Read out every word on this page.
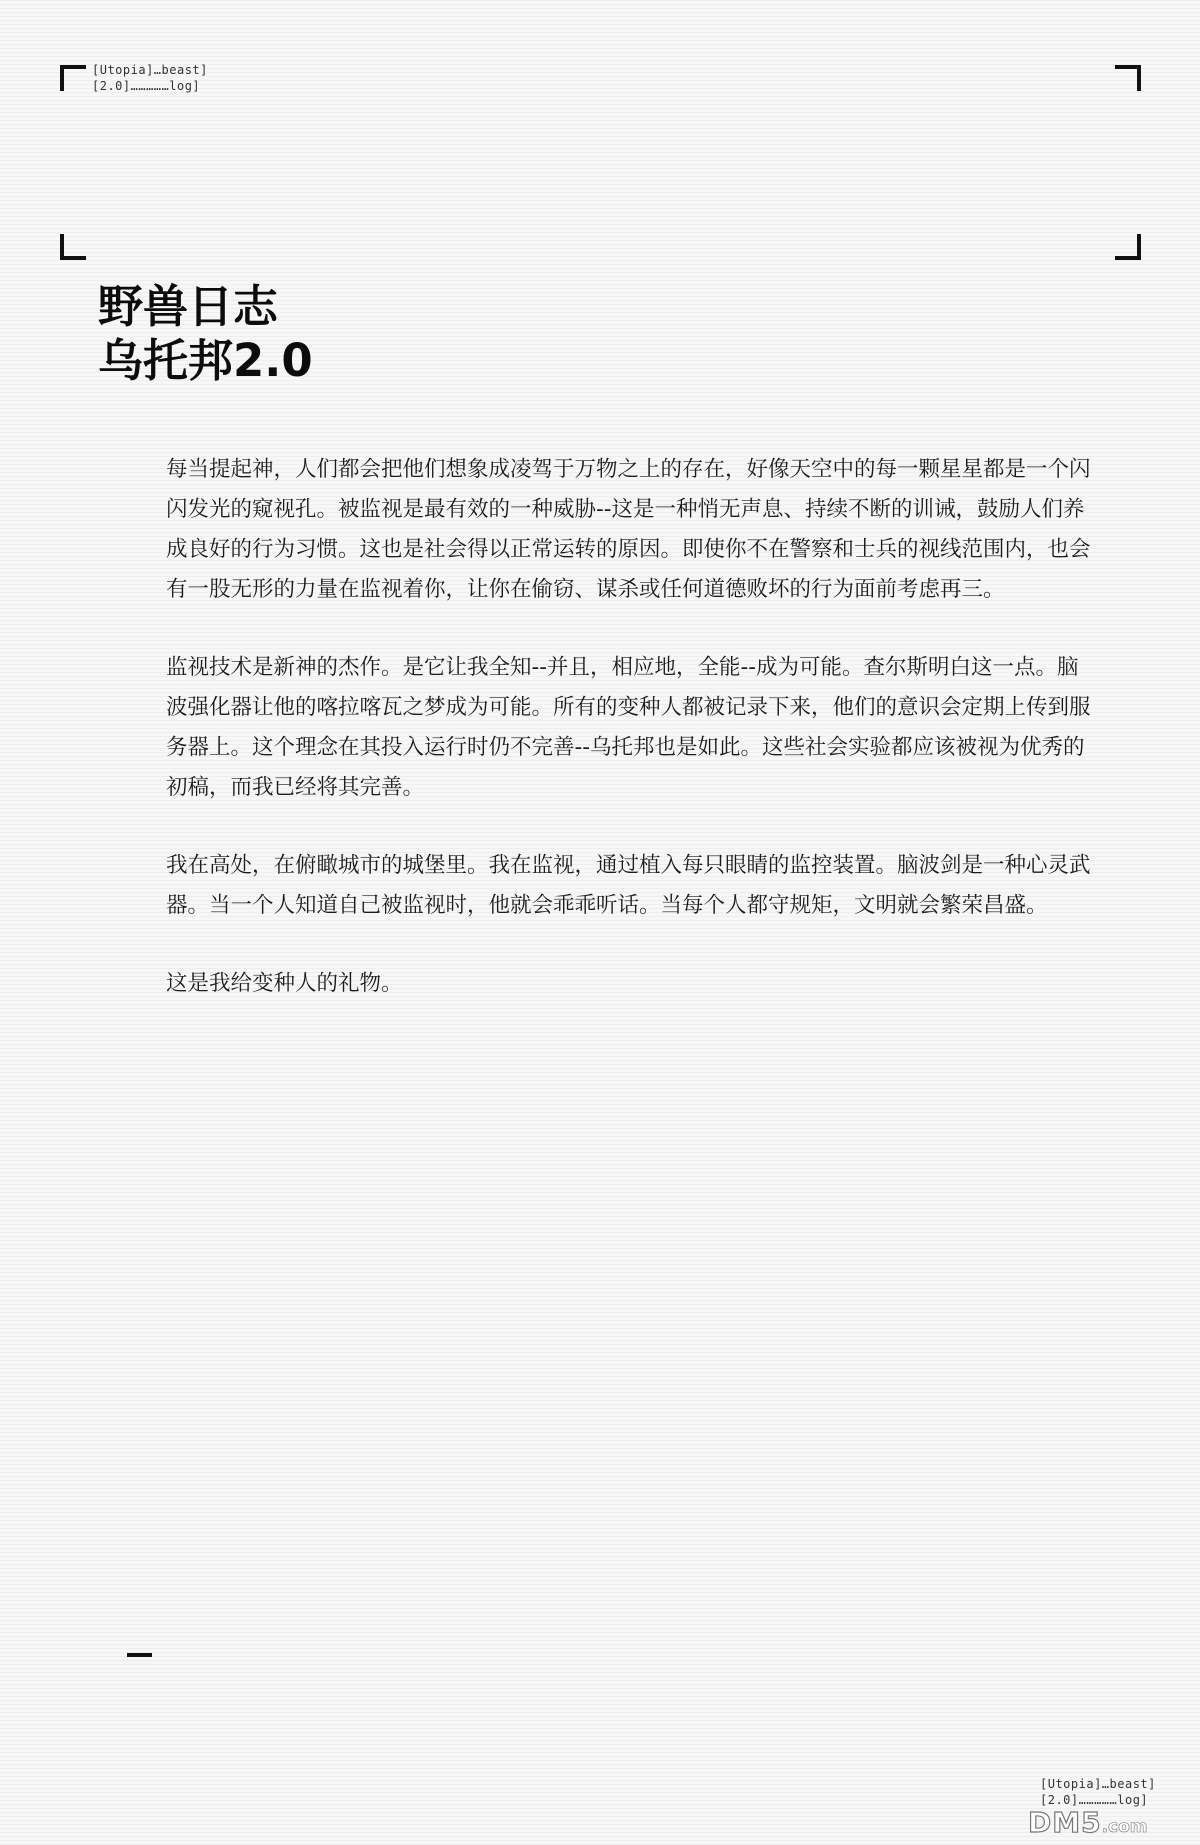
[Utopia]…beast]
[2.0]……………log]
野兽日志
乌托邦2.0

每当提起神，人们都会把他们想象成凌驾于万物之上的存在，好像天空中的每一颗星星都是一个闪闪发光的窥视孔。被监视是最有效的一种威胁--这是一种悄无声息、持续不断的训诫，鼓励人们养成良好的行为习惯。这也是社会得以正常运转的原因。即使你不在警察和士兵的视线范围内，也会有一股无形的力量在监视着你，让你在偷窃、谋杀或任何道德败坏的行为面前考虑再三。

监视技术是新神的杰作。是它让我全知--并且，相应地，全能--成为可能。查尔斯明白这一点。脑波强化器让他的喀拉喀瓦之梦成为可能。所有的变种人都被记录下来，他们的意识会定期上传到服务器上。这个理念在其投入运行时仍不完善--乌托邦也是如此。这些社会实验都应该被视为优秀的初稿，而我已经将其完善。

我在高处，在俯瞰城市的城堡里。我在监视，通过植入每只眼睛的监控装置。脑波剑是一种心灵武器。当一个人知道自己被监视时，他就会乖乖听话。当每个人都守规矩，文明就会繁荣昌盛。

这是我给变种人的礼物。

[Utopia]…beast]
[2.0]……………log]
DM5.com
